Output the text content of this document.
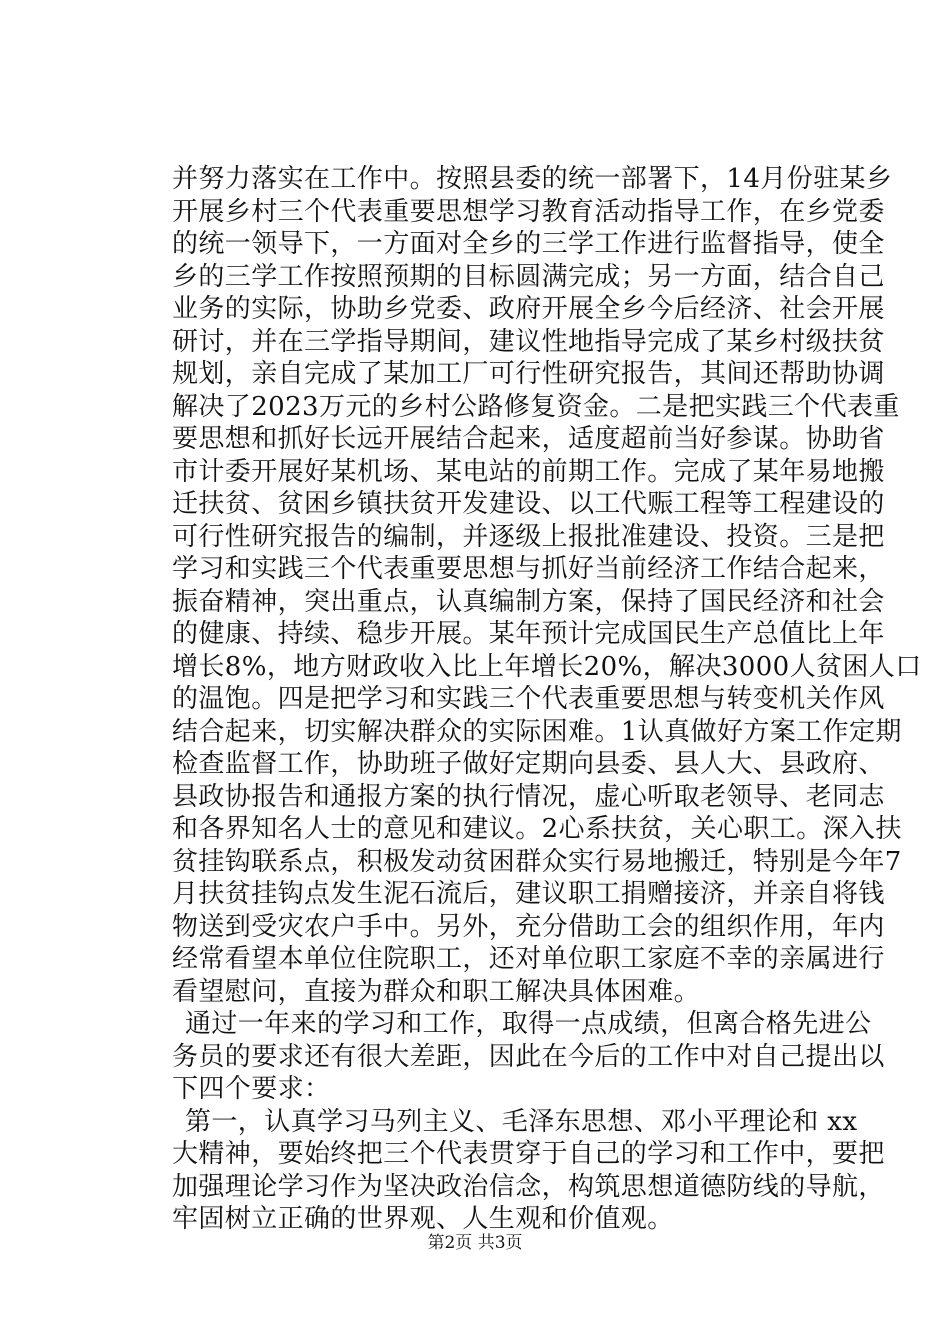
并努力落实在工作中。按照县委的统一部署下，14月份驻某乡
开展乡村三个代表重要思想学习教育活动指导工作，在乡党委
的统一领导下，一方面对全乡的三学工作进行监督指导，使全
乡的三学工作按照预期的目标圆满完成；另一方面，结合自己
业务的实际，协助乡党委、政府开展全乡今后经济、社会开展
研讨，并在三学指导期间，建议性地指导完成了某乡村级扶贫
规划，亲自完成了某加工厂可行性研究报告，其间还帮助协调
解决了2023万元的乡村公路修复资金。二是把实践三个代表重
要思想和抓好长远开展结合起来，适度超前当好参谋。协助省
市计委开展好某机场、某电站的前期工作。完成了某年易地搬
迁扶贫、贫困乡镇扶贫开发建设、以工代赈工程等工程建设的
可行性研究报告的编制，并逐级上报批准建设、投资。三是把
学习和实践三个代表重要思想与抓好当前经济工作结合起来，
振奋精神，突出重点，认真编制方案，保持了国民经济和社会
的健康、持续、稳步开展。某年预计完成国民生产总值比上年
增长8%，地方财政收入比上年增长20%，解决3000人贫困人口
的温饱。四是把学习和实践三个代表重要思想与转变机关作风
结合起来，切实解决群众的实际困难。1认真做好方案工作定期
检查监督工作，协助班子做好定期向县委、县人大、县政府、
县政协报告和通报方案的执行情况，虚心听取老领导、老同志
和各界知名人士的意见和建议。2心系扶贫，关心职工。深入扶
贫挂钩联系点，积极发动贫困群众实行易地搬迁，特别是今年7
月扶贫挂钩点发生泥石流后，建议职工捐赠接济，并亲自将钱
物送到受灾农户手中。另外，充分借助工会的组织作用，年内
经常看望本单位住院职工，还对单位职工家庭不幸的亲属进行
看望慰问，直接为群众和职工解决具体困难。
通过一年来的学习和工作，取得一点成绩，但离合格先进公
务员的要求还有很大差距，因此在今后的工作中对自己提出以
下四个要求：
第一，认真学习马列主义、毛泽东思想、邓小平理论和 xx
大精神，要始终把三个代表贯穿于自己的学习和工作中，要把
加强理论学习作为坚决政治信念，构筑思想道德防线的导航，
牢固树立正确的世界观、人生观和价值观。
第2页 共3页
